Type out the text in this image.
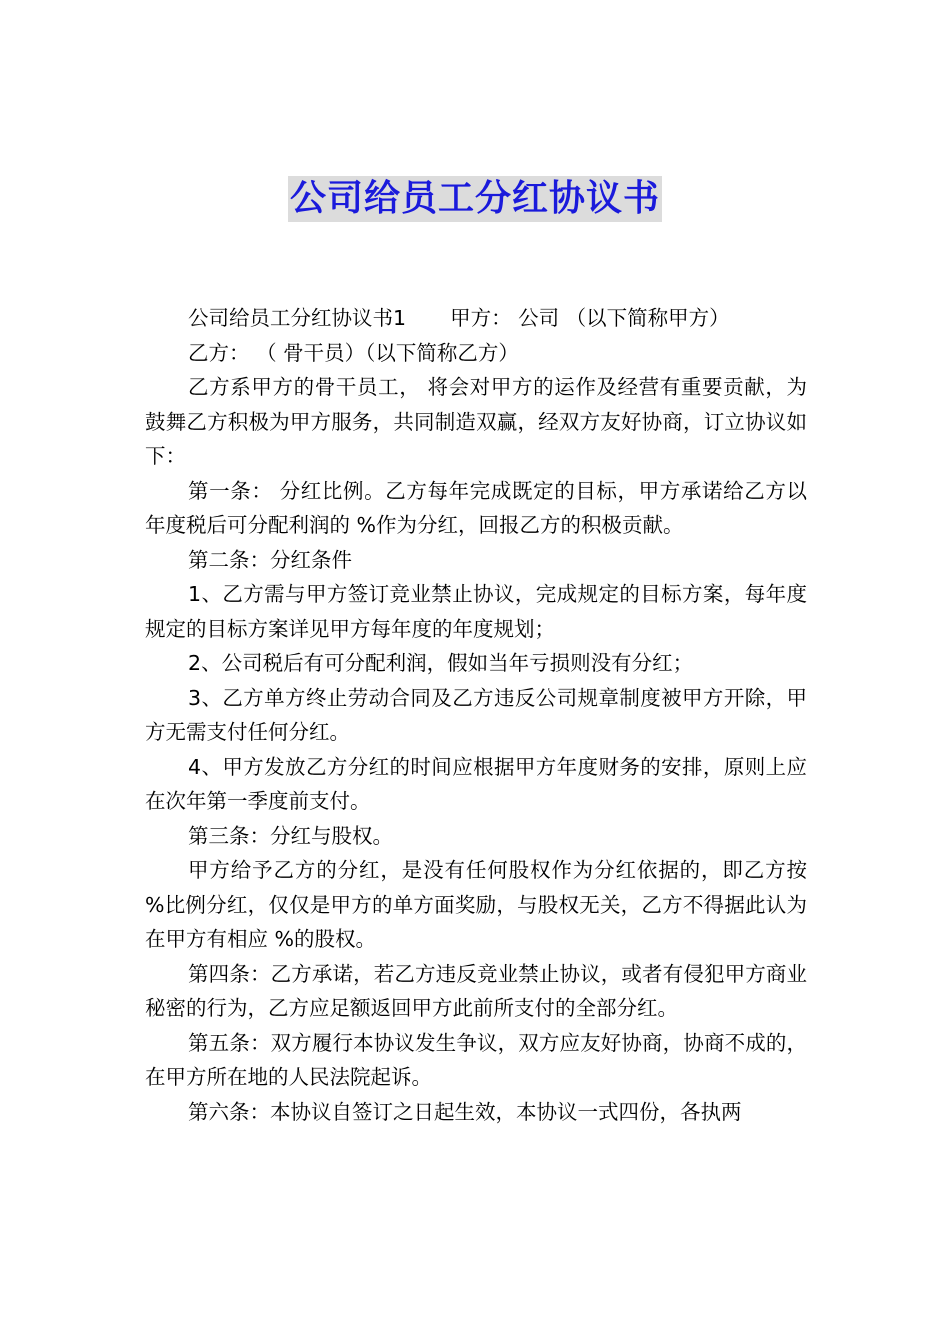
公司给员工分红协议书

公司给员工分红协议书1 甲方： 公司 （以下简称甲方）

乙方： （ 骨干员）（以下简称乙方）

乙方系甲方的骨干员工， 将会对甲方的运作及经营有重要贡献，为鼓舞乙方积极为甲方服务，共同制造双赢，经双方友好协商，订立协议如下：

第一条： 分红比例。乙方每年完成既定的目标，甲方承诺给乙方以年度税后可分配利润的 %作为分红，回报乙方的积极贡献。

第二条：分红条件

1、乙方需与甲方签订竞业禁止协议，完成规定的目标方案，每年度规定的目标方案详见甲方每年度的年度规划；

2、公司税后有可分配利润，假如当年亏损则没有分红；

3、乙方单方终止劳动合同及乙方违反公司规章制度被甲方开除，甲方无需支付任何分红。

4、甲方发放乙方分红的时间应根据甲方年度财务的安排，原则上应在次年第一季度前支付。

第三条：分红与股权。

甲方给予乙方的分红，是没有任何股权作为分红依据的，即乙方按 %比例分红，仅仅是甲方的单方面奖励，与股权无关，乙方不得据此认为在甲方有相应 %的股权。

第四条：乙方承诺，若乙方违反竞业禁止协议，或者有侵犯甲方商业秘密的行为，乙方应足额返回甲方此前所支付的全部分红。

第五条：双方履行本协议发生争议，双方应友好协商，协商不成的，在甲方所在地的人民法院起诉。

第六条：本协议自签订之日起生效，本协议一式四份，各执两
